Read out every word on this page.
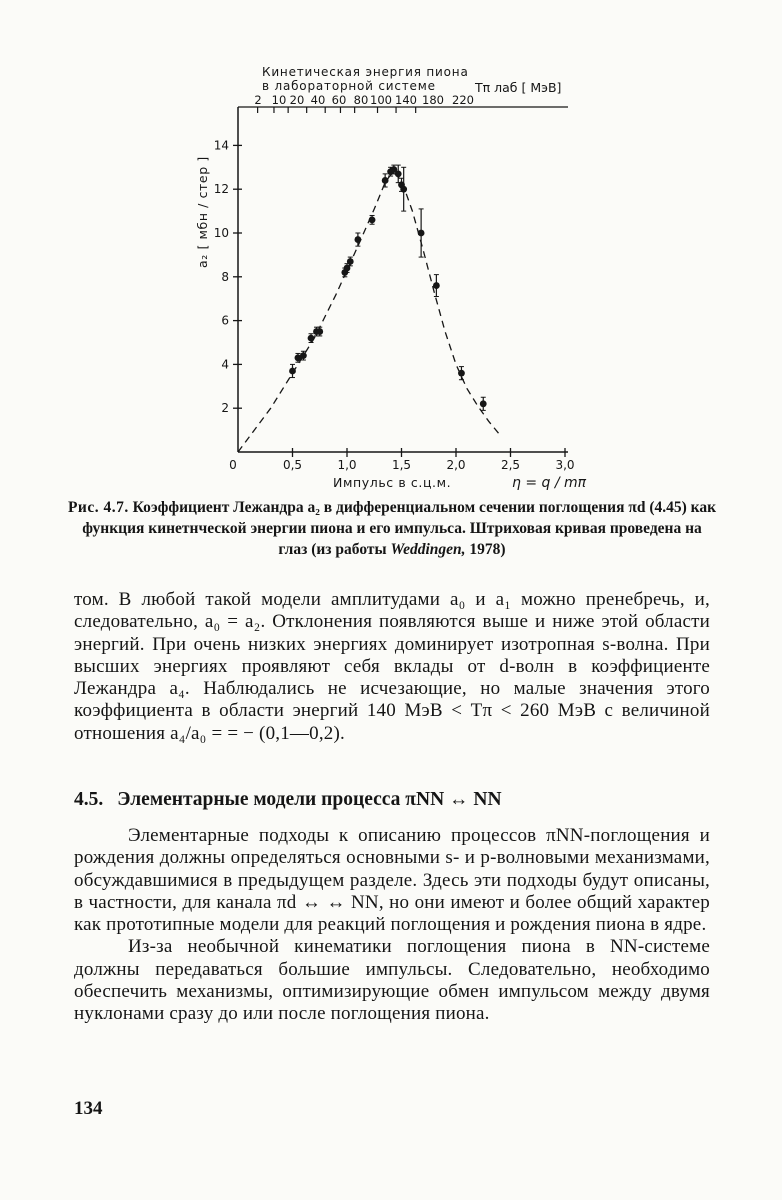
Кинетическая энергия пиона
в лабораторной системе	Tπ лаб [ МэВ]
2 10 20 40 60 80 100 140 180 220
a₂ [ мбн / стер ]
2
4
6
8
10
12
14
0	0,5	1,0	1,5	2,0	2,5	3,0
Импульс в с.ц.м.	η = q / mπ

Рис. 4.7. Коэффициент Лежандра a₂ в дифференциальном сечении поглощения πd (4.45) как функция кинетнческой энергии пиона и его импульса. Штриховая кривая проведена на глаз (из работы Weddingen, 1978)

том. В любой такой модели амплитудами a₀ и a₁ можно пренебречь, и, следовательно, a₀ = a₂. Отклонения появляются выше и ниже этой области энергий. При очень низких энергиях доминирует изотропная s-волна. При высших энергиях проявляют себя вклады от d-волн в коэффициенте Лежандра a₄. Наблюдались не исчезающие, но малые значения этого коэффициента в области энергий 140 МэВ < Tπ < 260 МэВ с величиной отношения a₄/a₀ = = − (0,1—0,2).

4.5. Элементарные модели процесса πNN ↔ NN

Элементарные подходы к описанию процессов πNN-поглощения и рождения должны определяться основными s- и p-волновыми механизмами, обсуждавшимися в предыдущем разделе. Здесь эти подходы будут описаны, в частности, для канала πd ↔ ↔ NN, но они имеют и более общий характер как прототипные модели для реакций поглощения и рождения пиона в ядре.

Из-за необычной кинематики поглощения пиона в NN-системе должны передаваться большие импульсы. Следовательно, необходимо обеспечить механизмы, оптимизирующие обмен импульсом между двумя нуклонами сразу до или после поглощения пиона.

134
